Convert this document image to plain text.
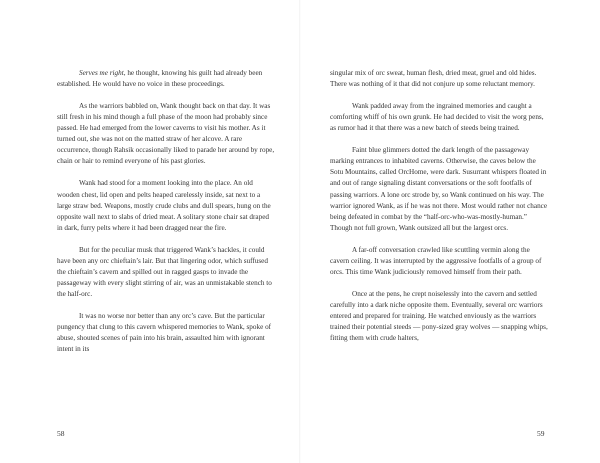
Serves me right, he thought, knowing his guilt had already been established. He would have no voice in these proceedings.

As the warriors babbled on, Wank thought back on that day. It was still fresh in his mind though a full phase of the moon had probably since passed. He had emerged from the lower caverns to visit his mother. As it turned out, she was not on the matted straw of her alcove. A rare occurrence, though Rahsik occasionally liked to parade her around by rope, chain or hair to remind everyone of his past glories.

Wank had stood for a moment looking into the place. An old wooden chest, lid open and pelts heaped carelessly inside, sat next to a large straw bed. Weapons, mostly crude clubs and dull spears, hung on the opposite wall next to slabs of dried meat. A solitary stone chair sat draped in dark, furry pelts where it had been dragged near the fire.

But for the peculiar musk that triggered Wank’s hackles, it could have been any orc chieftain’s lair. But that lingering odor, which suffused the chieftain’s cavern and spilled out in ragged gasps to invade the passageway with every slight stirring of air, was an unmistakable stench to the half-orc.

It was no worse nor better than any orc’s cave. But the particular pungency that clung to this cavern whispered memories to Wank, spoke of abuse, shouted scenes of pain into his brain, assaulted him with ignorant intent in its

58

singular mix of orc sweat, human flesh, dried meat, gruel and old hides. There was nothing of it that did not conjure up some reluctant memory.

Wank padded away from the ingrained memories and caught a comforting whiff of his own grunk. He had decided to visit the worg pens, as rumor had it that there was a new batch of steeds being trained.

Faint blue glimmers dotted the dark length of the passageway marking entrances to inhabited caverns. Otherwise, the caves below the Sotu Mountains, called OrcHome, were dark. Susurrant whispers floated in and out of range signaling distant conversations or the soft footfalls of passing warriors. A lone orc strode by, so Wank continued on his way. The warrior ignored Wank, as if he was not there. Most would rather not chance being defeated in combat by the “half-orc-who-was-mostly-human.” Though not full grown, Wank outsized all but the largest orcs.

A far-off conversation crawled like scuttling vermin along the cavern ceiling. It was interrupted by the aggressive footfalls of a group of orcs. This time Wank judiciously removed himself from their path.

Once at the pens, he crept noiselessly into the cavern and settled carefully into a dark niche opposite them. Eventually, several orc warriors entered and prepared for training. He watched enviously as the warriors trained their potential steeds — pony-sized gray wolves — snapping whips, fitting them with crude halters,

59
